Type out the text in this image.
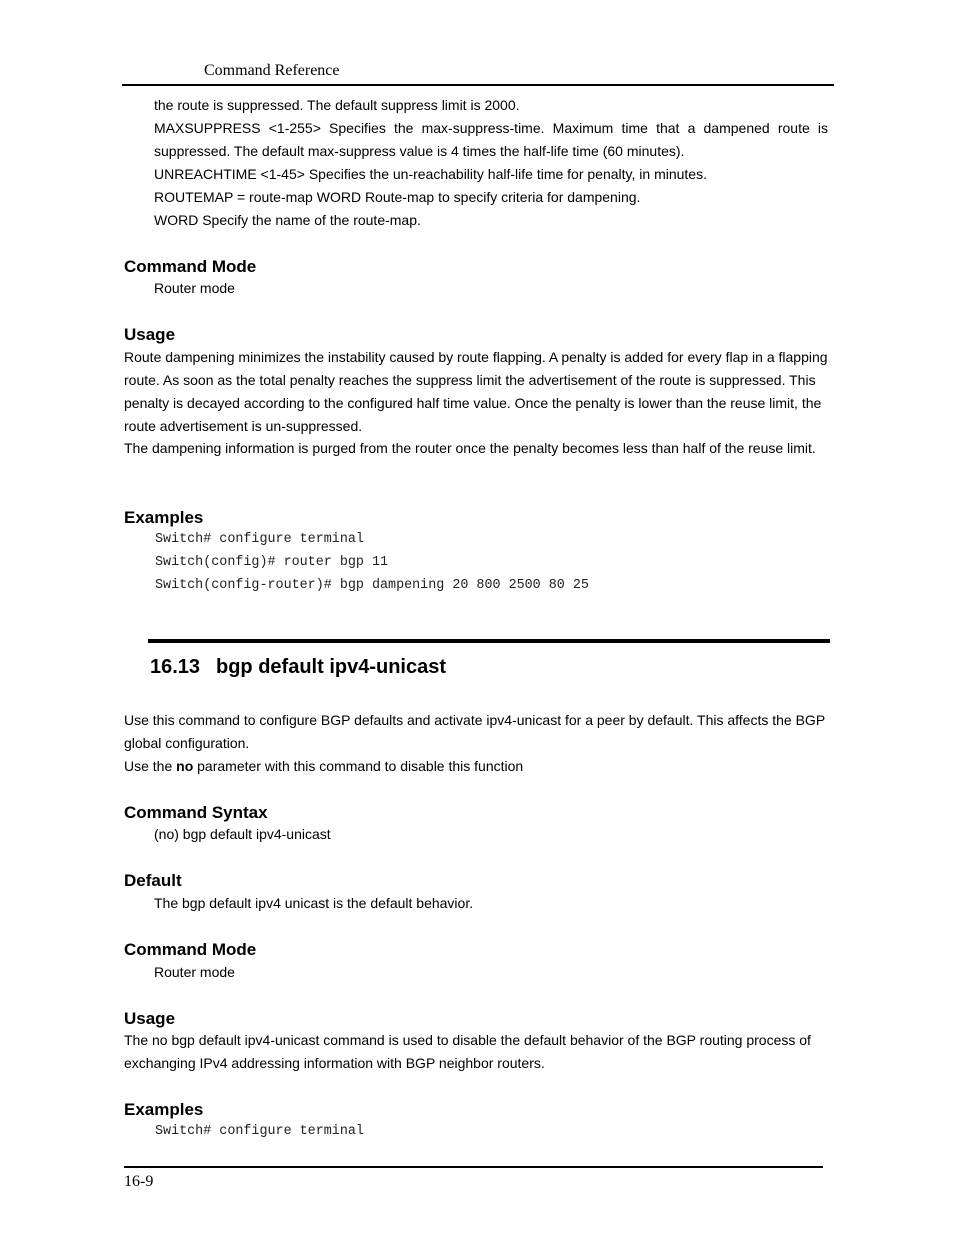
Command Reference

the route is suppressed. The default suppress limit is 2000.

MAXSUPPRESS <1-255> Specifies the max-suppress-time. Maximum time that a dampened route is suppressed. The default max-suppress value is 4 times the half-life time (60 minutes).

UNREACHTIME <1-45> Specifies the un-reachability half-life time for penalty, in minutes.

ROUTEMAP = route-map WORD Route-map to specify criteria for dampening.

WORD Specify the name of the route-map.

Command Mode

Router mode

Usage

Route dampening minimizes the instability caused by route flapping. A penalty is added for every flap in a flapping route. As soon as the total penalty reaches the suppress limit the advertisement of the route is suppressed. This penalty is decayed according to the configured half time value. Once the penalty is lower than the reuse limit, the route advertisement is un-suppressed.

The dampening information is purged from the router once the penalty becomes less than half of the reuse limit.

Examples
Switch# configure terminal
Switch(config)# router bgp 11
Switch(config-router)# bgp dampening 20 800 2500 80 25
16.13 bgp default ipv4-unicast

Use this command to configure BGP defaults and activate ipv4-unicast for a peer by default. This affects the BGP global configuration.

Use the no parameter with this command to disable this function

Command Syntax

(no) bgp default ipv4-unicast

Default

The bgp default ipv4 unicast is the default behavior.

Command Mode

Router mode

Usage

The no bgp default ipv4-unicast command is used to disable the default behavior of the BGP routing process of exchanging IPv4 addressing information with BGP neighbor routers.

Examples
Switch# configure terminal
16-9
